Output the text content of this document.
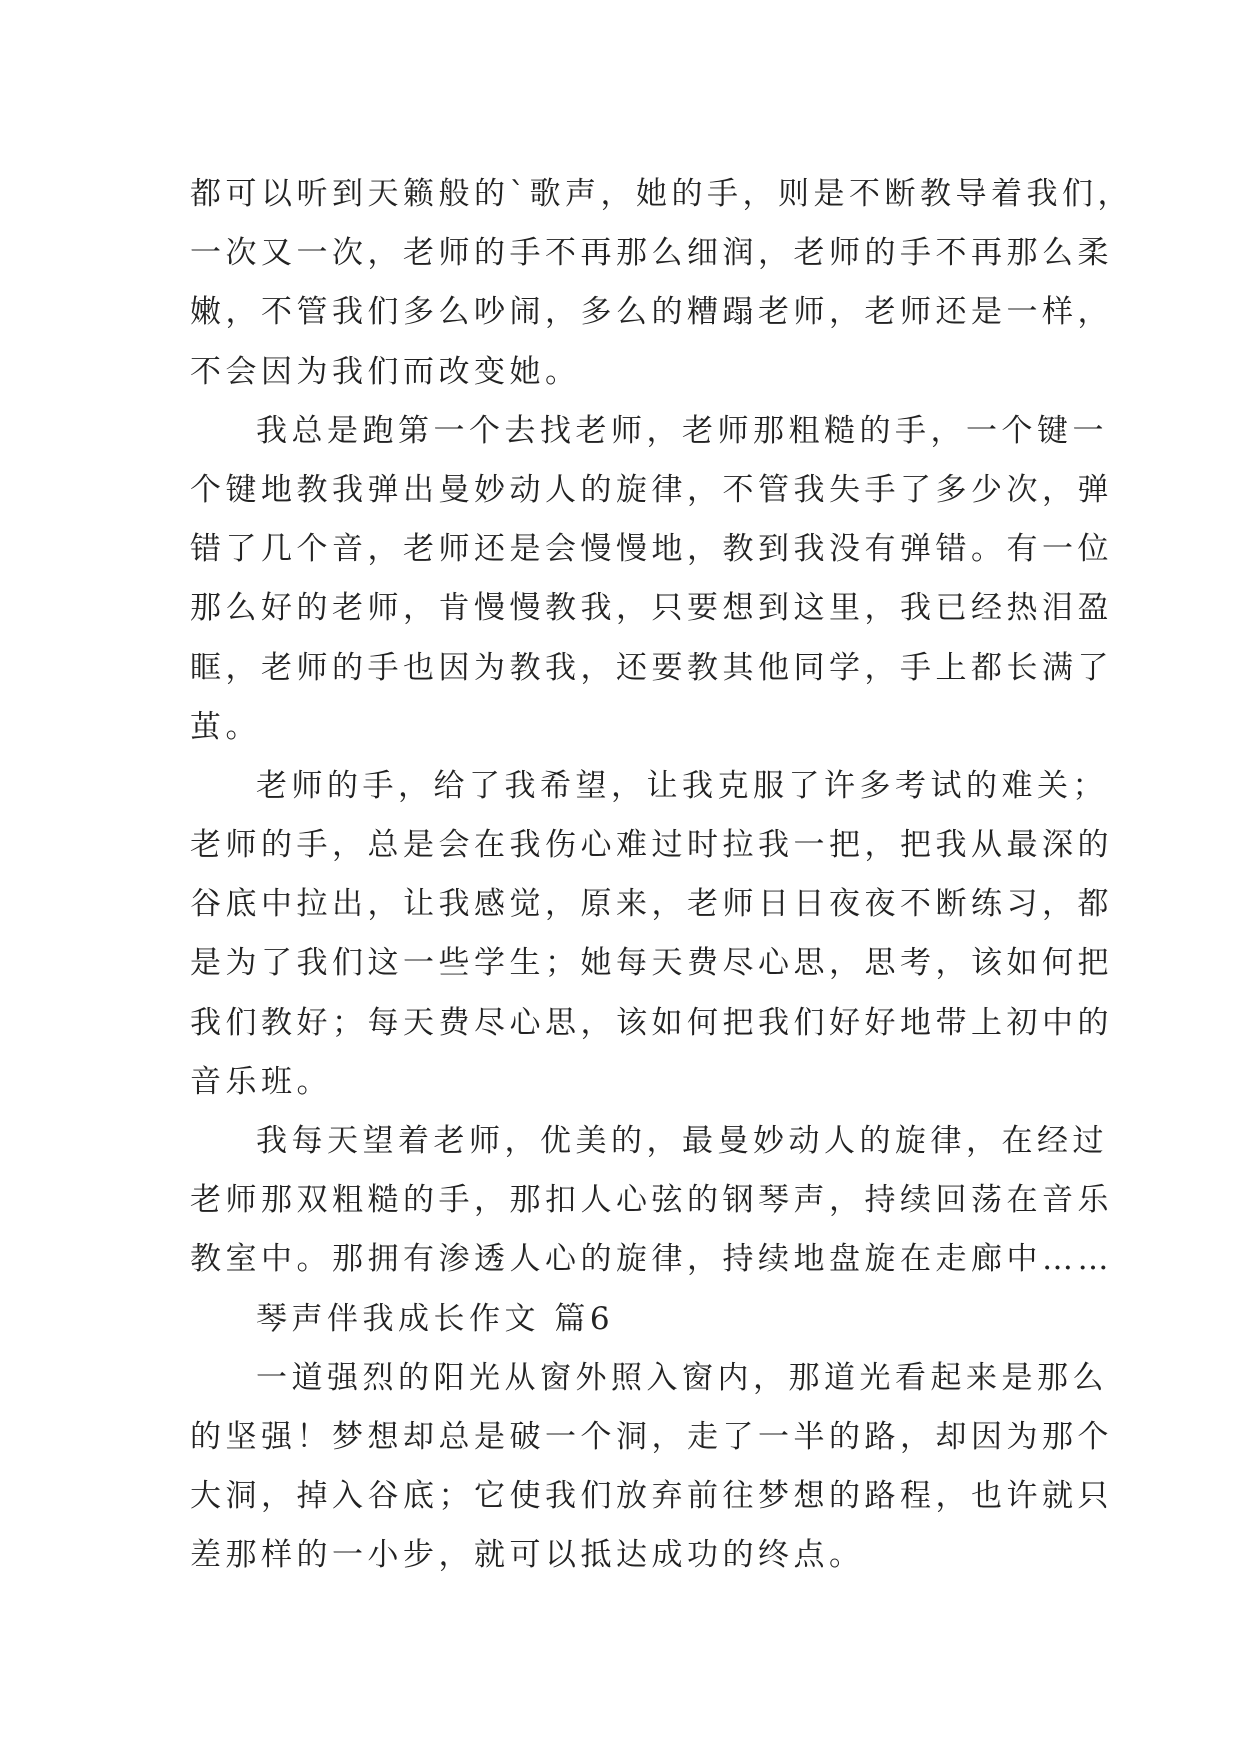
都可以听到天籁般的`歌声，她的手，则是不断教导着我们，
一次又一次，老师的手不再那么细润，老师的手不再那么柔
嫩，不管我们多么吵闹，多么的糟蹋老师，老师还是一样，
不会因为我们而改变她。
我总是跑第一个去找老师，老师那粗糙的手，一个键一
个键地教我弹出曼妙动人的旋律，不管我失手了多少次，弹
错了几个音，老师还是会慢慢地，教到我没有弹错。有一位
那么好的老师，肯慢慢教我，只要想到这里，我已经热泪盈
眶，老师的手也因为教我，还要教其他同学，手上都长满了
茧。
老师的手，给了我希望，让我克服了许多考试的难关；
老师的手，总是会在我伤心难过时拉我一把，把我从最深的
谷底中拉出，让我感觉，原来，老师日日夜夜不断练习，都
是为了我们这一些学生；她每天费尽心思，思考，该如何把
我们教好；每天费尽心思，该如何把我们好好地带上初中的
音乐班。
我每天望着老师，优美的，最曼妙动人的旋律，在经过
老师那双粗糙的手，那扣人心弦的钢琴声，持续回荡在音乐
教室中。那拥有渗透人心的旋律，持续地盘旋在走廊中……
琴声伴我成长作文 篇6
一道强烈的阳光从窗外照入窗内，那道光看起来是那么
的坚强！梦想却总是破一个洞，走了一半的路，却因为那个
大洞，掉入谷底；它使我们放弃前往梦想的路程，也许就只
差那样的一小步，就可以抵达成功的终点。
